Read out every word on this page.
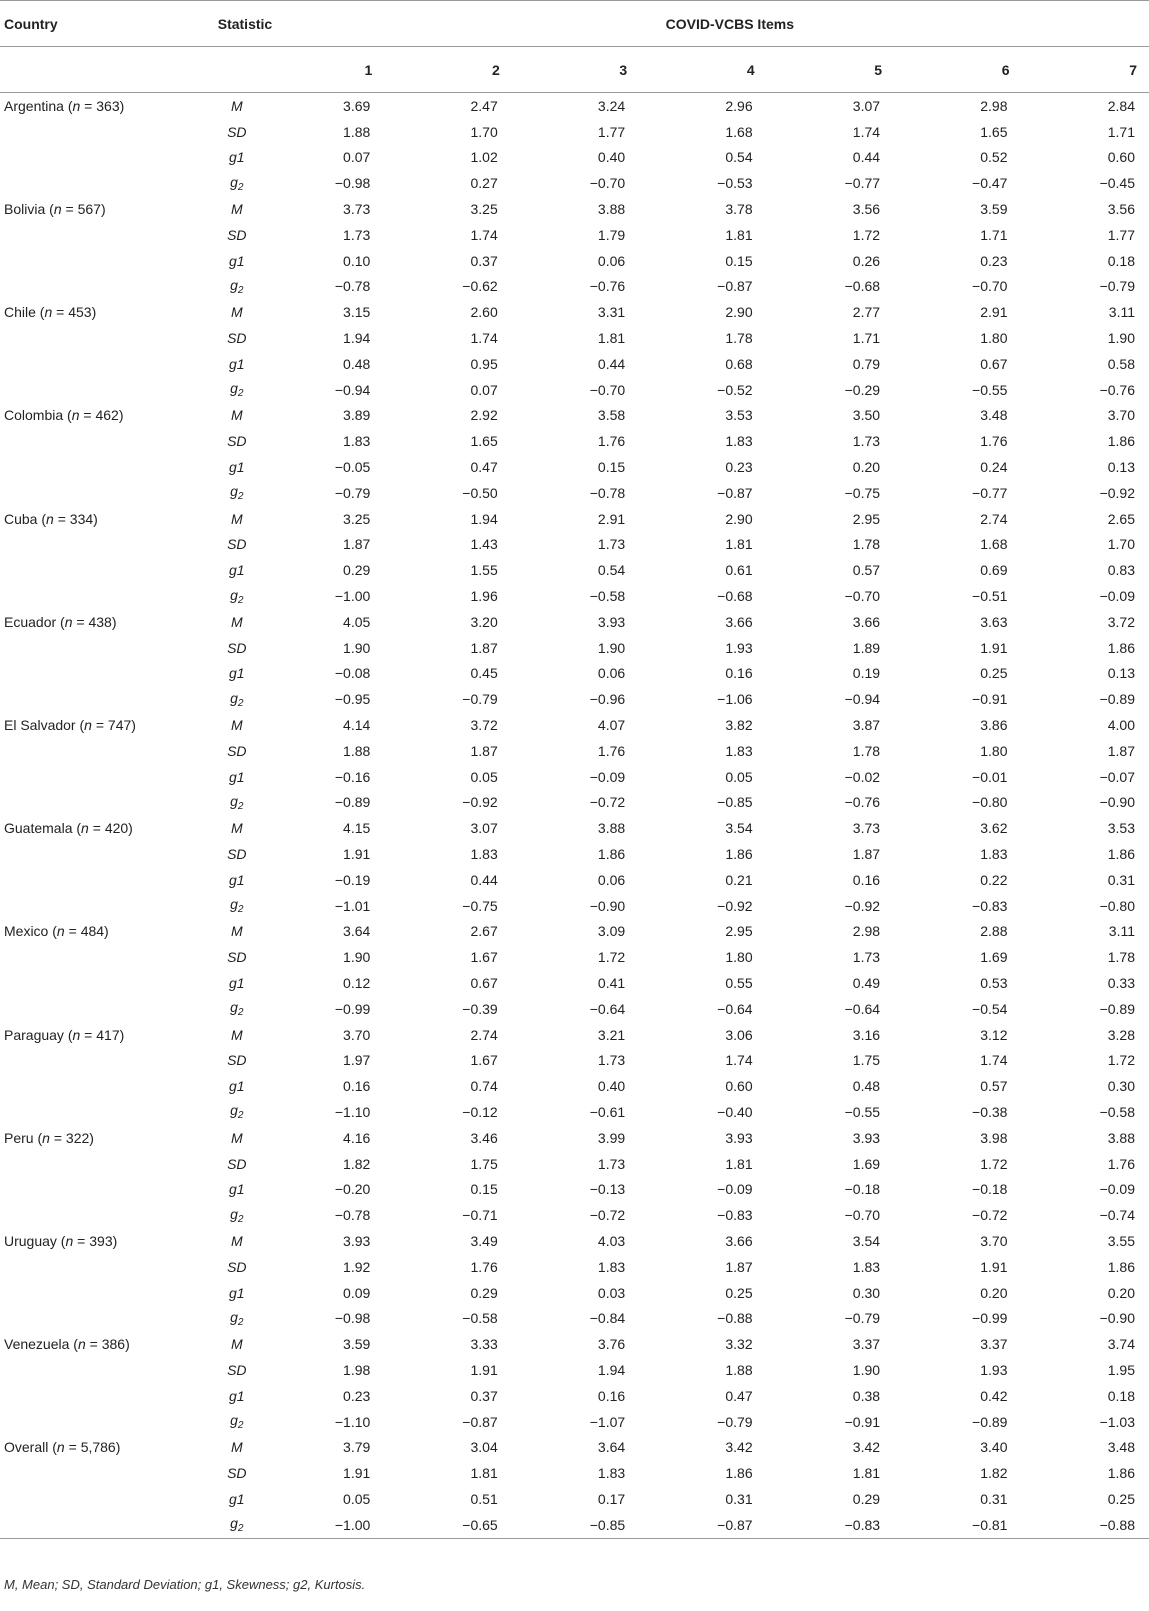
Country	Statistic	COVID-VCBS Items						
		1	2	3	4	5	6	7
Argentina (n = 363)	M	3.69	2.47	3.24	2.96	3.07	2.98	2.84
	SD	1.88	1.70	1.77	1.68	1.74	1.65	1.71
	g1	0.07	1.02	0.40	0.54	0.44	0.52	0.60
	$g_2$	−0.98	0.27	−0.70	−0.53	−0.77	−0.47	−0.45
Bolivia (n = 567)	M	3.73	3.25	3.88	3.78	3.56	3.59	3.56
	SD	1.73	1.74	1.79	1.81	1.72	1.71	1.77
	g1	0.10	0.37	0.06	0.15	0.26	0.23	0.18
	$g_2$	−0.78	−0.62	−0.76	−0.87	−0.68	−0.70	−0.79
Chile (n = 453)	M	3.15	2.60	3.31	2.90	2.77	2.91	3.11
	SD	1.94	1.74	1.81	1.78	1.71	1.80	1.90
	g1	0.48	0.95	0.44	0.68	0.79	0.67	0.58
	$g_2$	−0.94	0.07	−0.70	−0.52	−0.29	−0.55	−0.76
Colombia (n = 462)	M	3.89	2.92	3.58	3.53	3.50	3.48	3.70
	SD	1.83	1.65	1.76	1.83	1.73	1.76	1.86
	g1	−0.05	0.47	0.15	0.23	0.20	0.24	0.13
	$g_2$	−0.79	−0.50	−0.78	−0.87	−0.75	−0.77	−0.92
Cuba (n = 334)	M	3.25	1.94	2.91	2.90	2.95	2.74	2.65
	SD	1.87	1.43	1.73	1.81	1.78	1.68	1.70
	g1	0.29	1.55	0.54	0.61	0.57	0.69	0.83
	$g_2$	−1.00	1.96	−0.58	−0.68	−0.70	−0.51	−0.09
Ecuador (n = 438)	M	4.05	3.20	3.93	3.66	3.66	3.63	3.72
	SD	1.90	1.87	1.90	1.93	1.89	1.91	1.86
	g1	−0.08	0.45	0.06	0.16	0.19	0.25	0.13
	$g_2$	−0.95	−0.79	−0.96	−1.06	−0.94	−0.91	−0.89
El Salvador (n = 747)	M	4.14	3.72	4.07	3.82	3.87	3.86	4.00
	SD	1.88	1.87	1.76	1.83	1.78	1.80	1.87
	g1	−0.16	0.05	−0.09	0.05	−0.02	−0.01	−0.07
	$g_2$	−0.89	−0.92	−0.72	−0.85	−0.76	−0.80	−0.90
Guatemala (n = 420)	M	4.15	3.07	3.88	3.54	3.73	3.62	3.53
	SD	1.91	1.83	1.86	1.86	1.87	1.83	1.86
	g1	−0.19	0.44	0.06	0.21	0.16	0.22	0.31
	$g_2$	−1.01	−0.75	−0.90	−0.92	−0.92	−0.83	−0.80
Mexico (n = 484)	M	3.64	2.67	3.09	2.95	2.98	2.88	3.11
	SD	1.90	1.67	1.72	1.80	1.73	1.69	1.78
	g1	0.12	0.67	0.41	0.55	0.49	0.53	0.33
	$g_2$	−0.99	−0.39	−0.64	−0.64	−0.64	−0.54	−0.89
Paraguay (n = 417)	M	3.70	2.74	3.21	3.06	3.16	3.12	3.28
	SD	1.97	1.67	1.73	1.74	1.75	1.74	1.72
	g1	0.16	0.74	0.40	0.60	0.48	0.57	0.30
	$g_2$	−1.10	−0.12	−0.61	−0.40	−0.55	−0.38	−0.58
Peru (n = 322)	M	4.16	3.46	3.99	3.93	3.93	3.98	3.88
	SD	1.82	1.75	1.73	1.81	1.69	1.72	1.76
	g1	−0.20	0.15	−0.13	−0.09	−0.18	−0.18	−0.09
	$g_2$	−0.78	−0.71	−0.72	−0.83	−0.70	−0.72	−0.74
Uruguay (n = 393)	M	3.93	3.49	4.03	3.66	3.54	3.70	3.55
	SD	1.92	1.76	1.83	1.87	1.83	1.91	1.86
	g1	0.09	0.29	0.03	0.25	0.30	0.20	0.20
	$g_2$	−0.98	−0.58	−0.84	−0.88	−0.79	−0.99	−0.90
Venezuela (n = 386)	M	3.59	3.33	3.76	3.32	3.37	3.37	3.74
	SD	1.98	1.91	1.94	1.88	1.90	1.93	1.95
	g1	0.23	0.37	0.16	0.47	0.38	0.42	0.18
	$g_2$	−1.10	−0.87	−1.07	−0.79	−0.91	−0.89	−1.03
Overall (n = 5,786)	M	3.79	3.04	3.64	3.42	3.42	3.40	3.48
	SD	1.91	1.81	1.83	1.86	1.81	1.82	1.86
	g1	0.05	0.51	0.17	0.31	0.29	0.31	0.25
	$g_2$	−1.00	−0.65	−0.85	−0.87	−0.83	−0.81	−0.88
M, Mean; SD, Standard Deviation; g1, Skewness; g2, Kurtosis.
